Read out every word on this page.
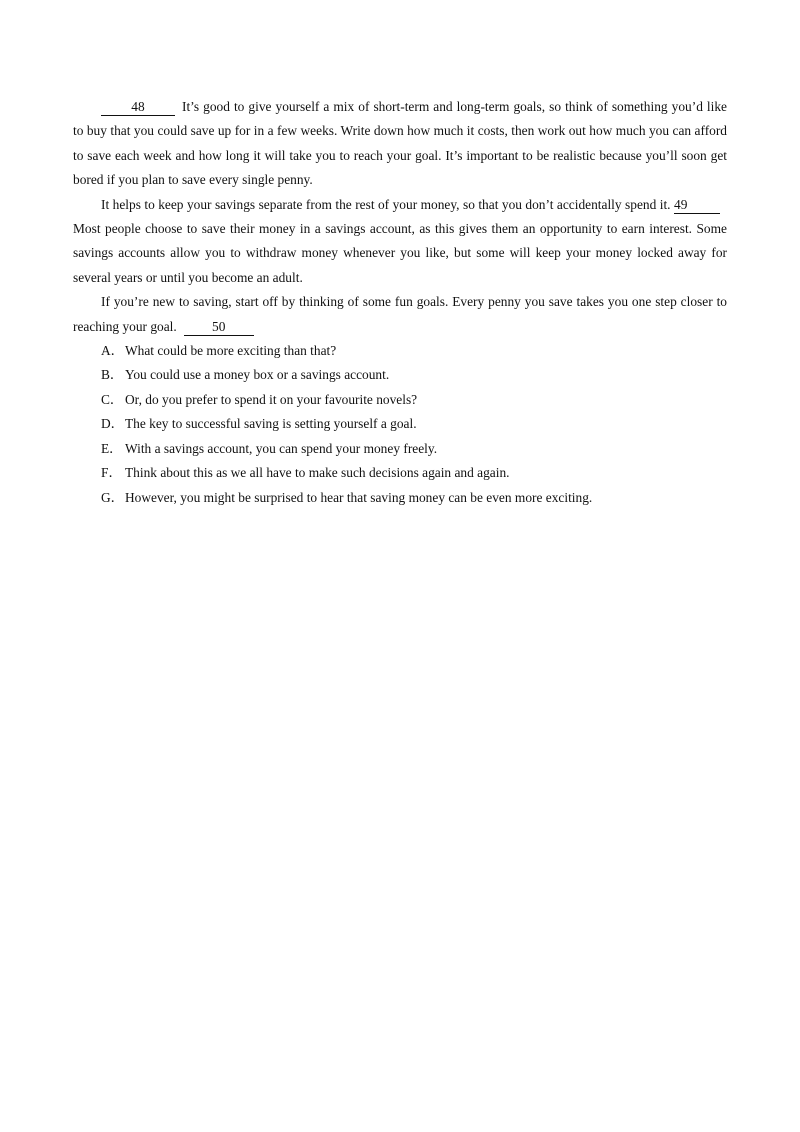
48	It’s good to give yourself a mix of short-term and long-term goals, so think of something you’d like to buy that you could save up for in a few weeks. Write down how much it costs, then work out how much you can afford to save each week and how long it will take you to reach your goal. It’s important to be realistic because you’ll soon get bored if you plan to save every single penny.

It helps to keep your savings separate from the rest of your money, so that you don’t accidentally spend it. 49Most people choose to save their money in a savings account, as this gives them an opportunity to earn interest. Some savings accounts allow you to withdraw money whenever you like, but some will keep your money locked away for several years or until you become an adult.

If you’re new to saving, start off by thinking of some fun goals. Every penny you save takes you one step closer to reaching your goal.	50

A．What could be more exciting than that?
B． You could use a money box or a savings account.
C． Or, do you prefer to spend it on your favourite novels?
D．The key to successful saving is setting yourself a goal.
E． With a savings account, you can spend your money freely.
F． Think about this as we all have to make such decisions again and again.
G．However, you might be surprised to hear that saving money can be even more exciting.
